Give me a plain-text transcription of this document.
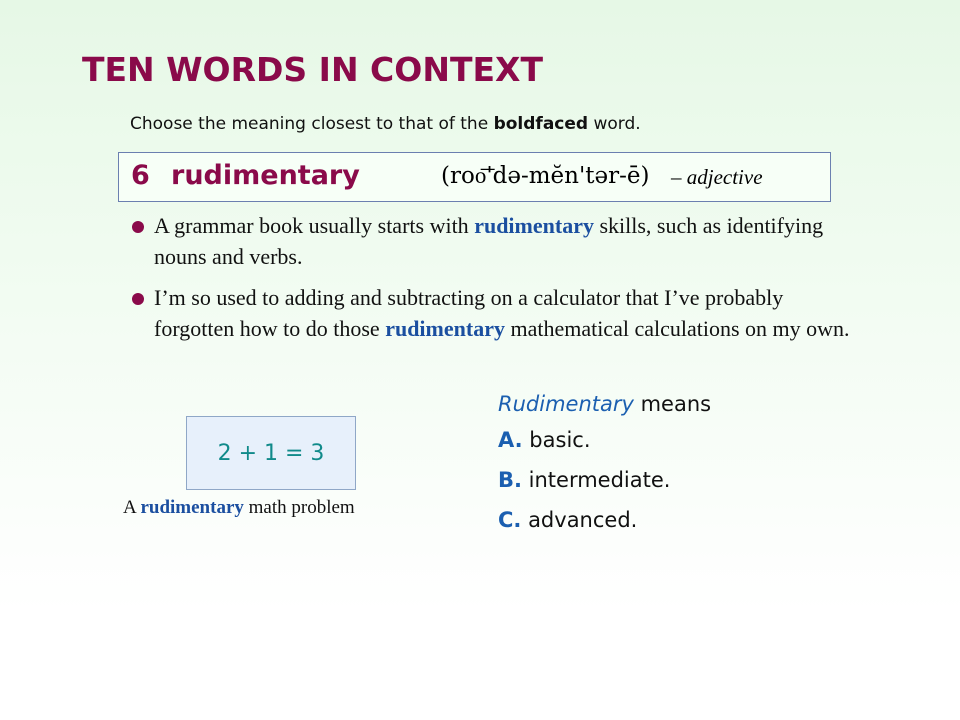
TEN WORDS IN CONTEXT
Choose the meaning closest to that of the boldfaced word.
6 rudimentary	(roo͞'də-mĕn'tər-ē) – adjective
A grammar book usually starts with rudimentary skills, such as identifying nouns and verbs.
I’m so used to adding and subtracting on a calculator that I’ve probably forgotten how to do those rudimentary mathematical calculations on my own.
2 + 1 = 3
A rudimentary math problem
Rudimentary means
A. basic.
B. intermediate.
C. advanced.
